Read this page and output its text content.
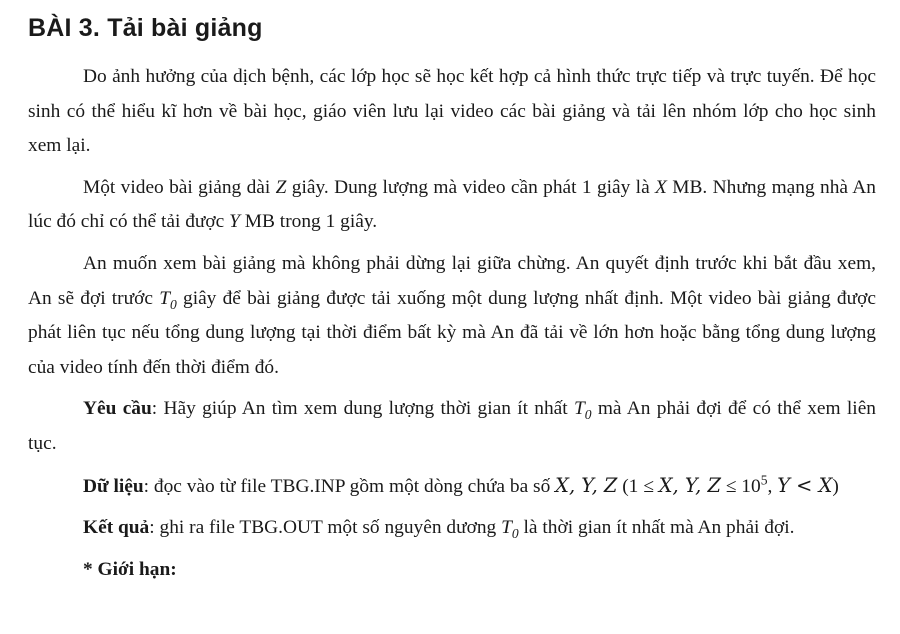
BÀI 3. Tải bài giảng

Do ảnh hưởng của dịch bệnh, các lớp học sẽ học kết hợp cả hình thức trực tiếp và trực tuyến. Để học sinh có thể hiểu kĩ hơn về bài học, giáo viên lưu lại video các bài giảng và tải lên nhóm lớp cho học sinh xem lại.

Một video bài giảng dài Z giây. Dung lượng mà video cần phát 1 giây là X MB. Nhưng mạng nhà An lúc đó chỉ có thể tải được Y MB trong 1 giây.

An muốn xem bài giảng mà không phải dừng lại giữa chừng. An quyết định trước khi bắt đầu xem, An sẽ đợi trước $T_0$ giây để bài giảng được tải xuống một dung lượng nhất định. Một video bài giảng được phát liên tục nếu tổng dung lượng tại thời điểm bất kỳ mà An đã tải về lớn hơn hoặc bằng tổng dung lượng của video tính đến thời điểm đó.

Yêu cầu: Hãy giúp An tìm xem dung lượng thời gian ít nhất $T_0$ mà An phải đợi để có thể xem liên tục.

Dữ liệu: đọc vào từ file TBG.INP gồm một dòng chứa ba số X, Y, Z (1 ≤ X, Y, $Z \le 10^5$, Y < X)

Kết quả: ghi ra file TBG.OUT một số nguyên dương $T_0$ là thời gian ít nhất mà An phải đợi.

* Giới hạn:
